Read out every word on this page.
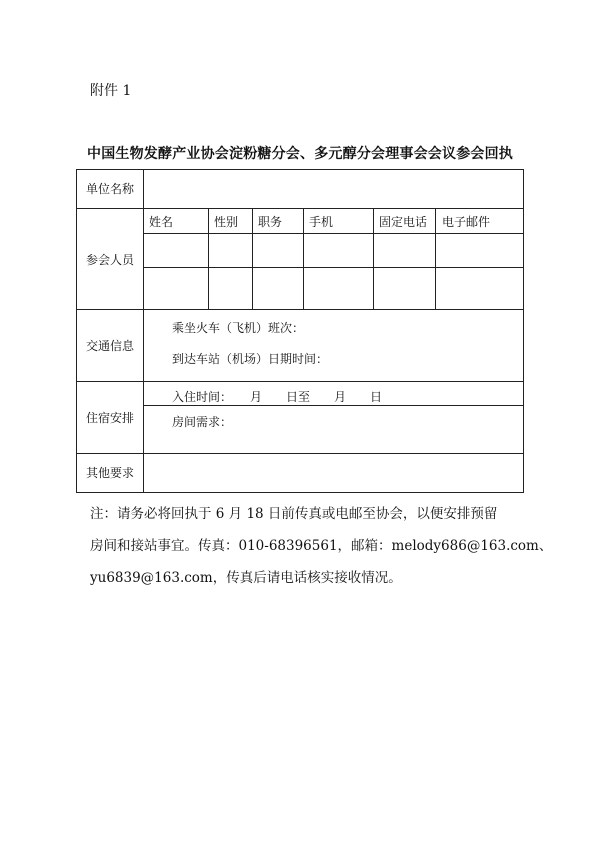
附件 1
中国生物发酵产业协会淀粉糖分会、多元醇分会理事会会议参会回执
单位名称
参会人员
交通信息
住宿安排
其他要求
姓名	性别 职务 手机	固定电话 电子邮件
乘坐火车（飞机）班次：
到达车站（机场）日期时间：
入住时间：　　月　　日至　　月　　日
房间需求：

注：请务必将回执于 6 月 18 日前传真或电邮至协会，以便安排预留

房间和接站事宜。传真：010-68396561，邮箱：melody686@163.com、

yu6839@163.com，传真后请电话核实接收情况。
